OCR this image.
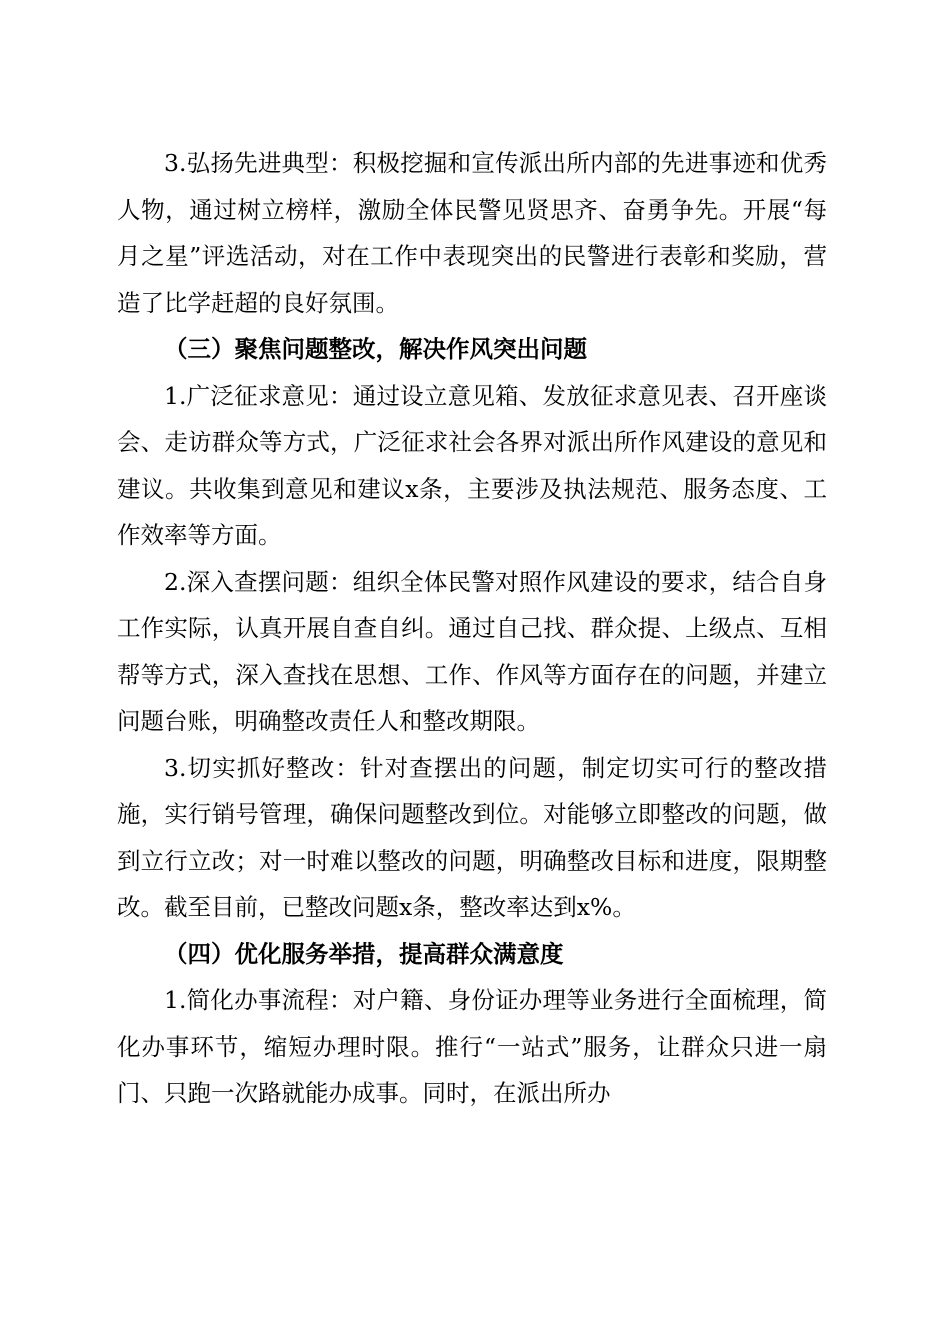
3.弘扬先进典型：积极挖掘和宣传派出所内部的先进事迹和优秀人物，通过树立榜样，激励全体民警见贤思齐、奋勇争先。开展“每月之星”评选活动，对在工作中表现突出的民警进行表彰和奖励，营造了比学赶超的良好氛围。

（三）聚焦问题整改，解决作风突出问题

1.广泛征求意见：通过设立意见箱、发放征求意见表、召开座谈会、走访群众等方式，广泛征求社会各界对派出所作风建设的意见和建议。共收集到意见和建议x条，主要涉及执法规范、服务态度、工作效率等方面。

2.深入查摆问题：组织全体民警对照作风建设的要求，结合自身工作实际，认真开展自查自纠。通过自己找、群众提、上级点、互相帮等方式，深入查找在思想、工作、作风等方面存在的问题，并建立问题台账，明确整改责任人和整改期限。

3.切实抓好整改：针对查摆出的问题，制定切实可行的整改措施，实行销号管理，确保问题整改到位。对能够立即整改的问题，做到立行立改；对一时难以整改的问题，明确整改目标和进度，限期整改。截至目前，已整改问题x条，整改率达到x%。

（四）优化服务举措，提高群众满意度

1.简化办事流程：对户籍、身份证办理等业务进行全面梳理，简化办事环节，缩短办理时限。推行“一站式”服务，让群众只进一扇门、只跑一次路就能办成事。同时，在派出所办
